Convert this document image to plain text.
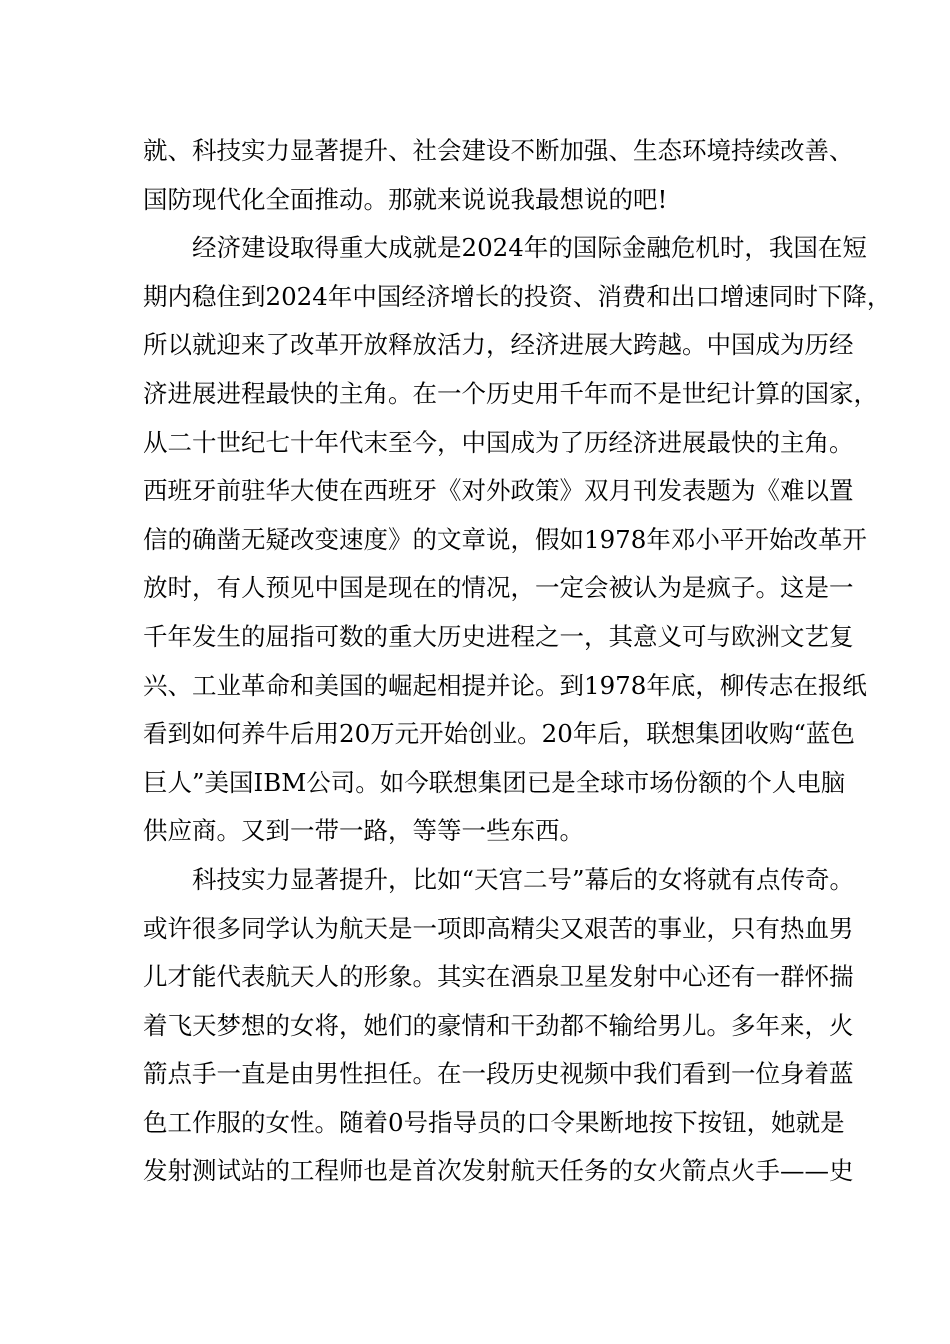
就、科技实力显著提升、社会建设不断加强、生态环境持续改善、
国防现代化全面推动。那就来说说我最想说的吧!
经济建设取得重大成就是2024年的国际金融危机时，我国在短
期内稳住到2024年中国经济增长的投资、消费和出口增速同时下降，
所以就迎来了改革开放释放活力，经济进展大跨越。中国成为历经
济进展进程最快的主角。在一个历史用千年而不是世纪计算的国家，
从二十世纪七十年代末至今，中国成为了历经济进展最快的主角。
西班牙前驻华大使在西班牙《对外政策》双月刊发表题为《难以置
信的确凿无疑改变速度》的文章说，假如1978年邓小平开始改革开
放时，有人预见中国是现在的情况，一定会被认为是疯子。这是一
千年发生的屈指可数的重大历史进程之一，其意义可与欧洲文艺复
兴、工业革命和美国的崛起相提并论。到1978年底，柳传志在报纸
看到如何养牛后用20万元开始创业。20年后，联想集团收购“蓝色
巨人”美国IBM公司。如今联想集团已是全球市场份额的个人电脑
供应商。又到一带一路，等等一些东西。
科技实力显著提升，比如“天宫二号”幕后的女将就有点传奇。
或许很多同学认为航天是一项即高精尖又艰苦的事业，只有热血男
儿才能代表航天人的形象。其实在酒泉卫星发射中心还有一群怀揣
着飞天梦想的女将，她们的豪情和干劲都不输给男儿。多年来，火
箭点手一直是由男性担任。在一段历史视频中我们看到一位身着蓝
色工作服的女性。随着0号指导员的口令果断地按下按钮，她就是
发射测试站的工程师也是首次发射航天任务的女火箭点火手——史
